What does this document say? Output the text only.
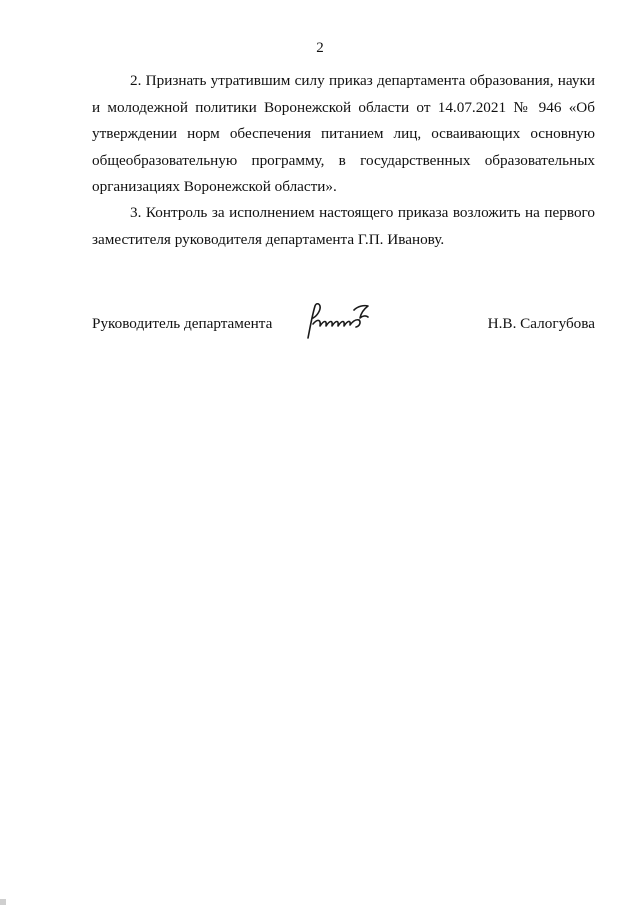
2

2. Признать утратившим силу приказ департамента образования, науки и молодежной политики Воронежской области от 14.07.2021 № 946 «Об утверждении норм обеспечения питанием лиц, осваивающих основную общеобразовательную программу, в государственных образовательных организациях Воронежской области».

3. Контроль за исполнением настоящего приказа возложить на первого заместителя руководителя департамента Г.П. Иванову.

Руководитель департамента	Н.В. Салогубова
